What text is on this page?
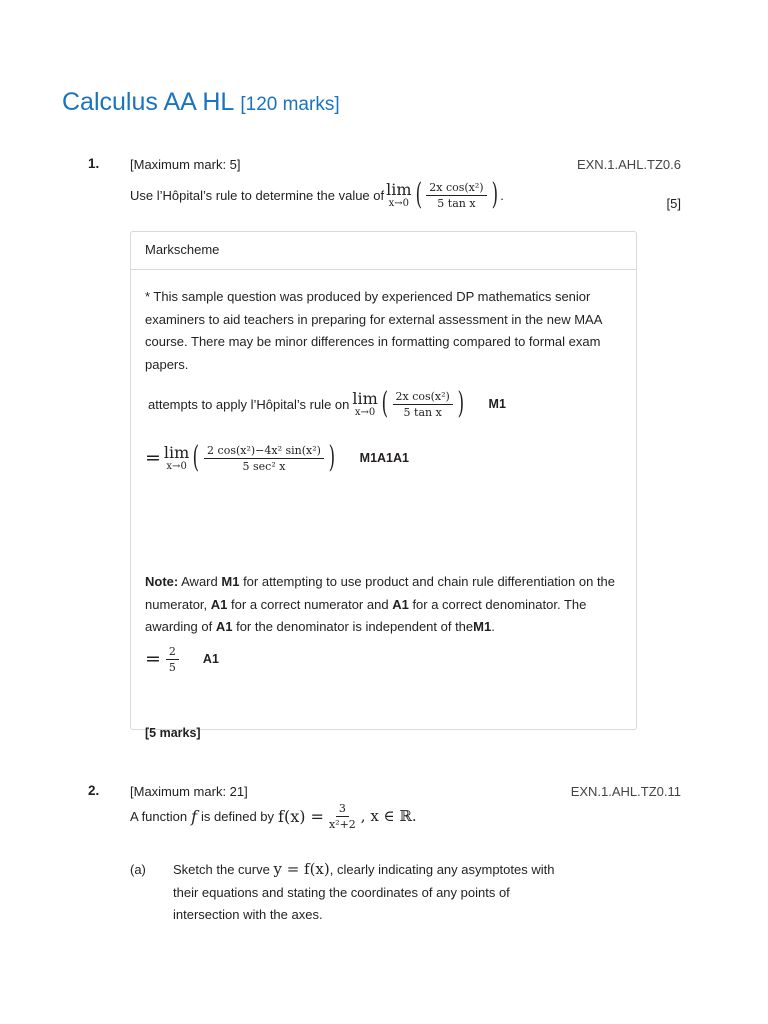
Calculus AA HL [120 marks]
1. [Maximum mark: 5]	EXN.1.AHL.TZ0.6
Use l’Hôpital’s rule to determine the value of lim
x→0 ( $\frac{\text{2x cos(x²)}}{\text{5 tan x}}$ ) .
[5]
Markscheme
* This sample question was produced by experienced DP mathematics senior examiners to aid teachers in preparing for external assessment in the new MAA course. There may be minor differences in formatting compared to formal exam papers.
attempts to apply l’Hôpital’s rule on lim
x→0 ( $\frac{\text{2x cos(x²)}}{\text{5 tan x}}$ ) M1
= lim
x→0 ( $\frac{\text{2 cos(x²)−4x² sin(x²)}}{\text{5 sec² x}}$ ) M1A1A1
Note: Award M1 for attempting to use product and chain rule differentiation on the numerator, A1 for a correct numerator and A1 for a correct denominator. The awarding of A1 for the denominator is independent of theM1.
= $\frac{2}{5} A1$
[5 marks]
2. [Maximum mark: 21]	EXN.1.AHL.TZ0.11
A function f is defined by $f(x) = \frac{3}{\text{x²+2}}$ , x ∈ ℝ.
(a) Sketch the curve y = f(x), clearly indicating any asymptotes with their equations and stating the coordinates of any points of intersection with the axes.
